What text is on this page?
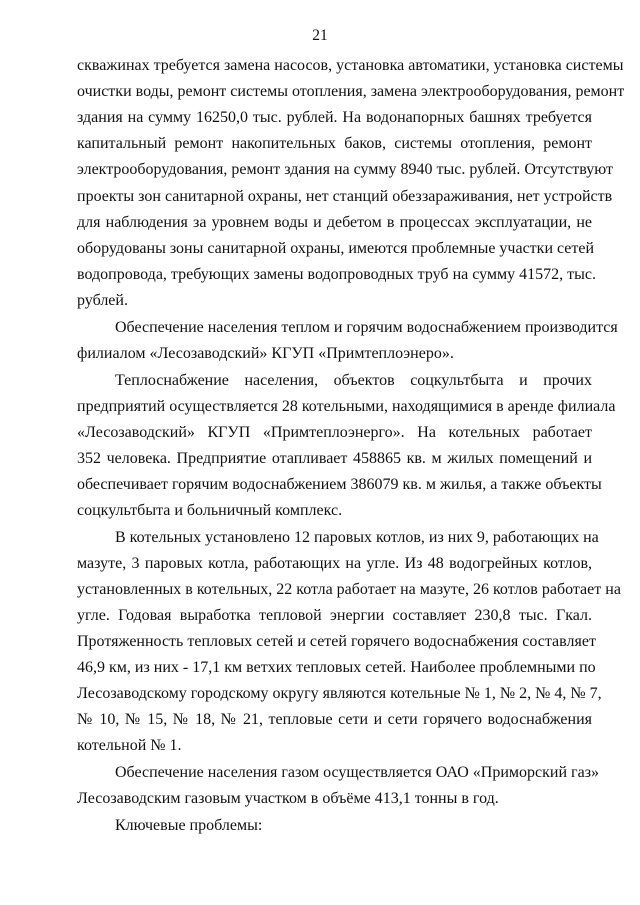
21
скважинах требуется замена насосов, установка автоматики, установка системы
очистки воды, ремонт системы отопления, замена электрооборудования, ремонт
здания на сумму 16250,0 тыс. рублей. На водонапорных башнях требуется
капитальный ремонт накопительных баков, системы отопления, ремонт
электрооборудования, ремонт здания на сумму 8940 тыс. рублей. Отсутствуют
проекты зон санитарной охраны, нет станций обеззараживания, нет устройств
для наблюдения за уровнем воды и дебетом в процессах эксплуатации, не
оборудованы зоны санитарной охраны, имеются проблемные участки сетей
водопровода, требующих замены водопроводных труб на сумму 41572, тыс.
рублей.
Обеспечение населения теплом и горячим водоснабжением производится
филиалом «Лесозаводский» КГУП «Примтеплоэнеро».
Теплоснабжение населения, объектов соцкультбыта и прочих
предприятий осуществляется 28 котельными, находящимися в аренде филиала
«Лесозаводский» КГУП «Примтеплоэнерго». На котельных работает
352 человека. Предприятие отапливает 458865 кв. м жилых помещений и
обеспечивает горячим водоснабжением 386079 кв. м жилья, а также объекты
соцкультбыта и больничный комплекс.
В котельных установлено 12 паровых котлов, из них 9, работающих на
мазуте, 3 паровых котла, работающих на угле. Из 48 водогрейных котлов,
установленных в котельных, 22 котла работает на мазуте, 26 котлов работает на
угле. Годовая выработка тепловой энергии составляет 230,8 тыс. Гкал.
Протяженность тепловых сетей и сетей горячего водоснабжения составляет
46,9 км, из них - 17,1 км ветхих тепловых сетей. Наиболее проблемными по
Лесозаводскому городскому округу являются котельные № 1, № 2, № 4, № 7,
№ 10, № 15, № 18, № 21, тепловые сети и сети горячего водоснабжения
котельной № 1.
Обеспечение населения газом осуществляется ОАО «Приморский газ»
Лесозаводским газовым участком в объёме 413,1 тонны в год.
Ключевые проблемы:
